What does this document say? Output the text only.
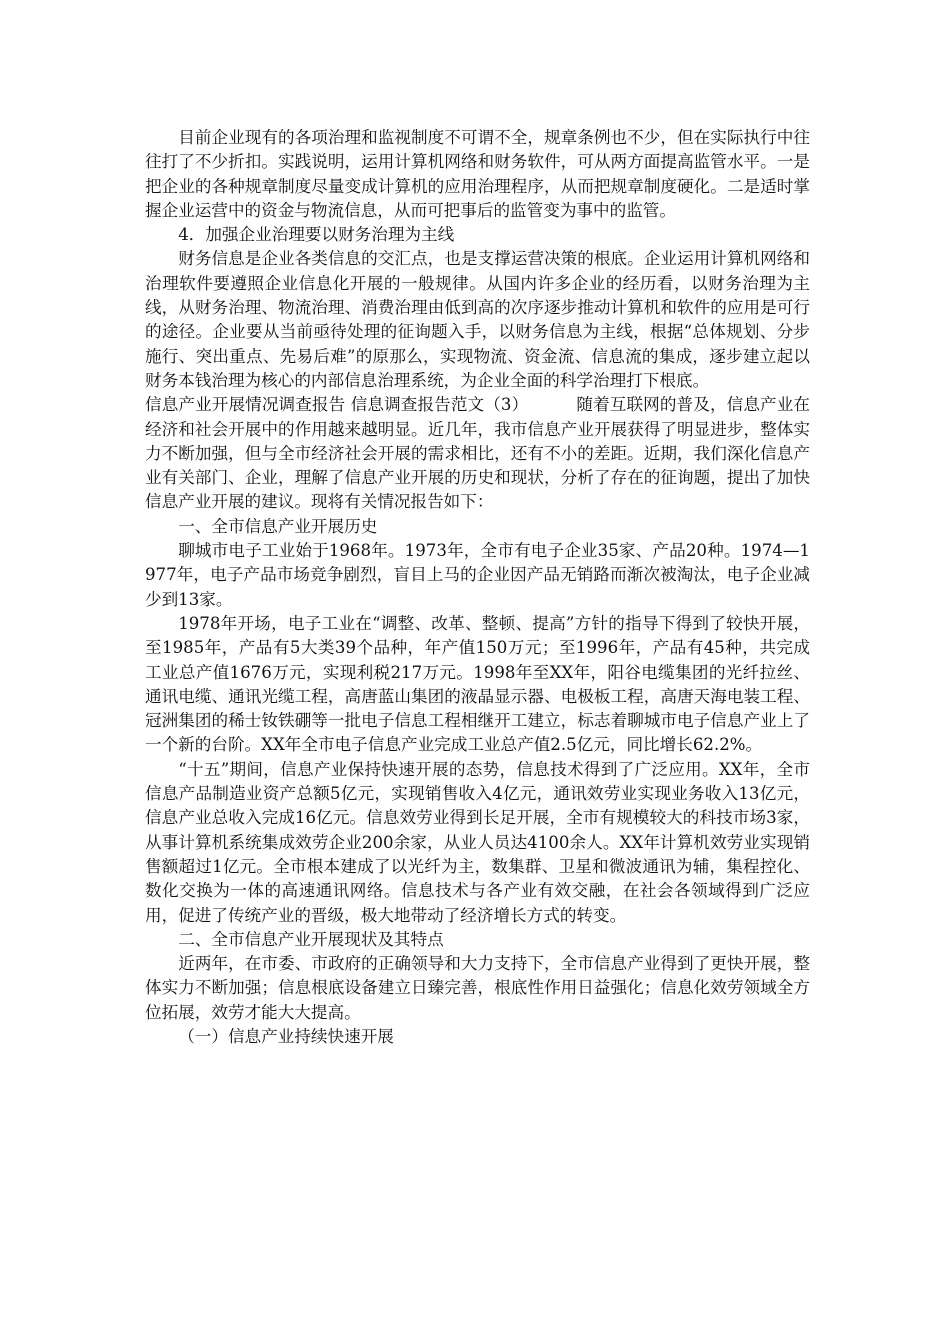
目前企业现有的各项治理和监视制度不可谓不全，规章条例也不少，但在实际执行中往往打了不少折扣。实践说明，运用计算机网络和财务软件，可从两方面提高监管水平。一是把企业的各种规章制度尽量变成计算机的应用治理程序，从而把规章制度硬化。二是适时掌握企业运营中的资金与物流信息，从而可把事后的监管变为事中的监管。

4．加强企业治理要以财务治理为主线

财务信息是企业各类信息的交汇点，也是支撑运营决策的根底。企业运用计算机网络和治理软件要遵照企业信息化开展的一般规律。从国内许多企业的经历看，以财务治理为主线，从财务治理、物流治理、消费治理由低到高的次序逐步推动计算机和软件的应用是可行的途径。企业要从当前亟待处理的征询题入手，以财务信息为主线，根据“总体规划、分步施行、突出重点、先易后难”的原那么，实现物流、资金流、信息流的集成，逐步建立起以财务本钱治理为核心的内部信息治理系统，为企业全面的科学治理打下根底。

信息产业开展情况调查报告 信息调查报告范文（3）	随着互联网的普及，信息产业在经济和社会开展中的作用越来越明显。近几年，我市信息产业开展获得了明显进步，整体实力不断加强，但与全市经济社会开展的需求相比，还有不小的差距。近期，我们深化信息产业有关部门、企业，理解了信息产业开展的历史和现状，分析了存在的征询题，提出了加快信息产业开展的建议。现将有关情况报告如下：

一、全市信息产业开展历史

聊城市电子工业始于1968年。1973年，全市有电子企业35家、产品20种。1974—1977年，电子产品市场竞争剧烈，盲目上马的企业因产品无销路而渐次被淘汰，电子企业减少到13家。

1978年开场，电子工业在“调整、改革、整顿、提高”方针的指导下得到了较快开展，至1985年，产品有5大类39个品种，年产值150万元；至1996年，产品有45种，共完成工业总产值1676万元，实现利税217万元。1998年至XX年，阳谷电缆集团的光纤拉丝、通讯电缆、通讯光缆工程，高唐蓝山集团的液晶显示器、电极板工程，高唐天海电装工程、冠洲集团的稀士钕铁硼等一批电子信息工程相继开工建立，标志着聊城市电子信息产业上了一个新的台阶。XX年全市电子信息产业完成工业总产值2.5亿元，同比增长62.2%。

“十五”期间，信息产业保持快速开展的态势，信息技术得到了广泛应用。XX年，全市信息产品制造业资产总额5亿元，实现销售收入4亿元，通讯效劳业实现业务收入13亿元，信息产业总收入完成16亿元。信息效劳业得到长足开展，全市有规模较大的科技市场3家，从事计算机系统集成效劳企业200余家，从业人员达4100余人。XX年计算机效劳业实现销售额超过1亿元。全市根本建成了以光纤为主，数集群、卫星和微波通讯为辅，集程控化、数化交换为一体的高速通讯网络。信息技术与各产业有效交融，在社会各领域得到广泛应用，促进了传统产业的晋级，极大地带动了经济增长方式的转变。

二、全市信息产业开展现状及其特点

近两年，在市委、市政府的正确领导和大力支持下，全市信息产业得到了更快开展，整体实力不断加强；信息根底设备建立日臻完善，根底性作用日益强化；信息化效劳领域全方位拓展，效劳才能大大提高。

（一）信息产业持续快速开展
